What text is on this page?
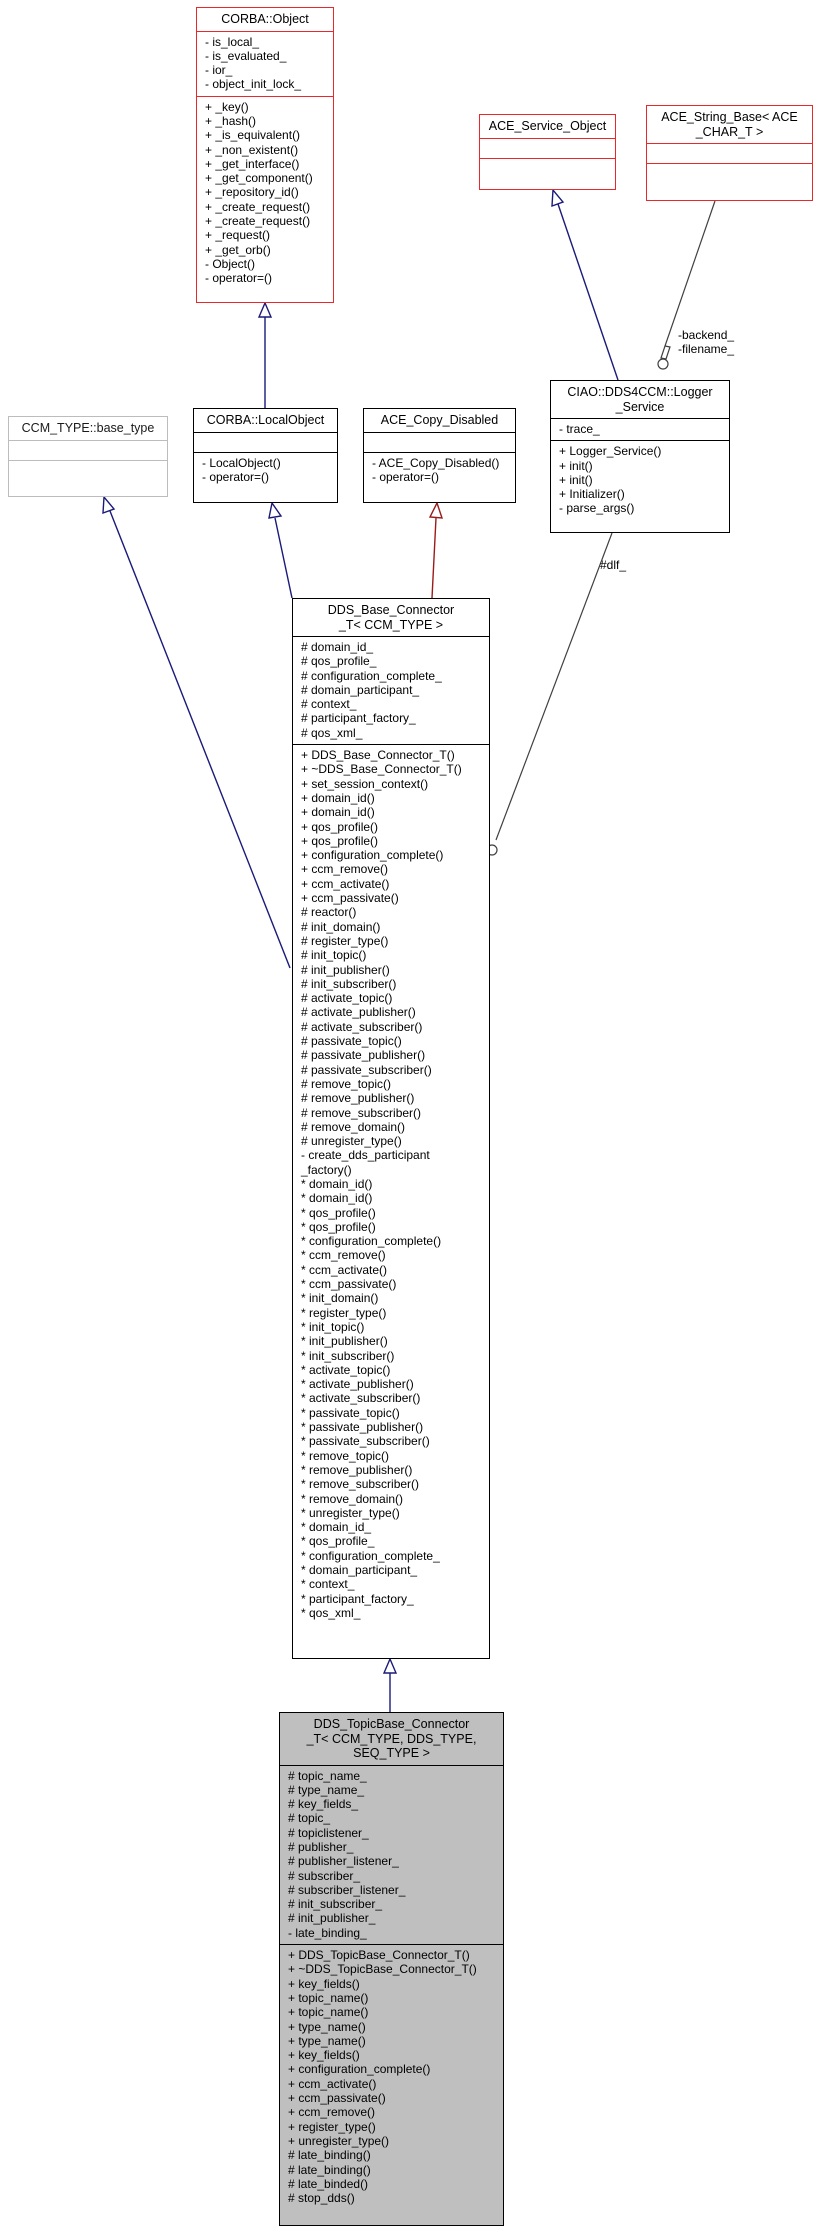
-backend_
-filename_
#dlf_
CORBA::Object
- is_local_
- is_evaluated_
- ior_
- object_init_lock_
+ _key()
+ _hash()
+ _is_equivalent()
+ _non_existent()
+ _get_interface()
+ _get_component()
+ _repository_id()
+ _create_request()
+ _create_request()
+ _request()
+ _get_orb()
- Object()
- operator=()
ACE_Service_Object
ACE_String_Base< ACE
_CHAR_T >
CCM_TYPE::base_type
CORBA::LocalObject
- LocalObject()
- operator=()
ACE_Copy_Disabled
- ACE_Copy_Disabled()
- operator=()
CIAO::DDS4CCM::Logger
_Service
- trace_
+ Logger_Service()
+ init()
+ init()
+ Initializer()
- parse_args()
DDS_Base_Connector
_T< CCM_TYPE >
# domain_id_
# qos_profile_
# configuration_complete_
# domain_participant_
# context_
# participant_factory_
# qos_xml_
+ DDS_Base_Connector_T()
+ ~DDS_Base_Connector_T()
+ set_session_context()
+ domain_id()
+ domain_id()
+ qos_profile()
+ qos_profile()
+ configuration_complete()
+ ccm_remove()
+ ccm_activate()
+ ccm_passivate()
# reactor()
# init_domain()
# register_type()
# init_topic()
# init_publisher()
# init_subscriber()
# activate_topic()
# activate_publisher()
# activate_subscriber()
# passivate_topic()
# passivate_publisher()
# passivate_subscriber()
# remove_topic()
# remove_publisher()
# remove_subscriber()
# remove_domain()
# unregister_type()
- create_dds_participant
_factory()
* domain_id()
* domain_id()
* qos_profile()
* qos_profile()
* configuration_complete()
* ccm_remove()
* ccm_activate()
* ccm_passivate()
* init_domain()
* register_type()
* init_topic()
* init_publisher()
* init_subscriber()
* activate_topic()
* activate_publisher()
* activate_subscriber()
* passivate_topic()
* passivate_publisher()
* passivate_subscriber()
* remove_topic()
* remove_publisher()
* remove_subscriber()
* remove_domain()
* unregister_type()
* domain_id_
* qos_profile_
* configuration_complete_
* domain_participant_
* context_
* participant_factory_
* qos_xml_
DDS_TopicBase_Connector
_T< CCM_TYPE, DDS_TYPE,
SEQ_TYPE >
# topic_name_
# type_name_
# key_fields_
# topic_
# topiclistener_
# publisher_
# publisher_listener_
# subscriber_
# subscriber_listener_
# init_subscriber_
# init_publisher_
- late_binding_
+ DDS_TopicBase_Connector_T()
+ ~DDS_TopicBase_Connector_T()
+ key_fields()
+ topic_name()
+ topic_name()
+ type_name()
+ type_name()
+ key_fields()
+ configuration_complete()
+ ccm_activate()
+ ccm_passivate()
+ ccm_remove()
+ register_type()
+ unregister_type()
# late_binding()
# late_binding()
# late_binded()
# stop_dds()
